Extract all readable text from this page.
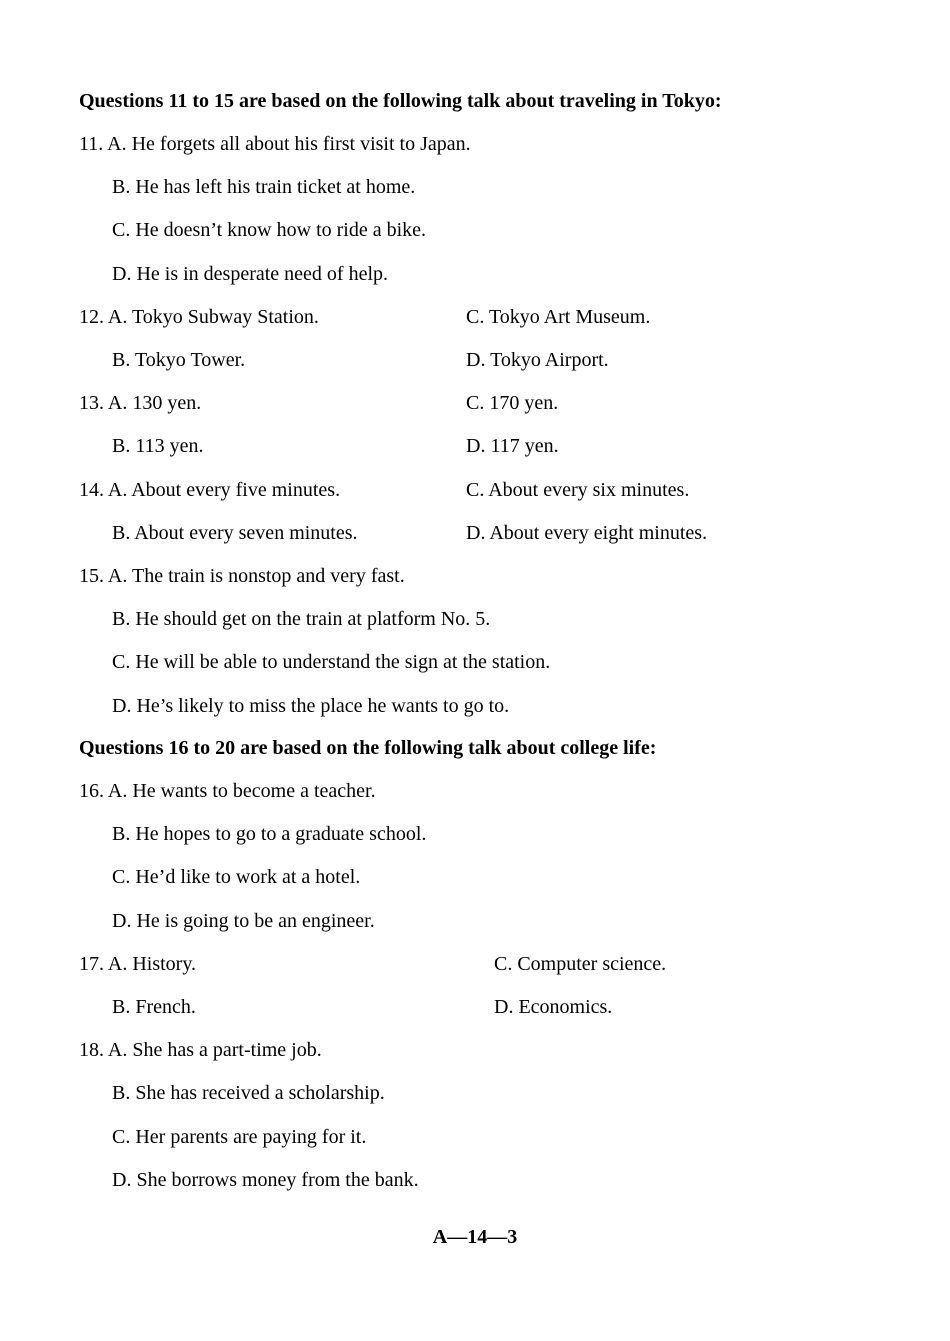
Questions 11 to 15 are based on the following talk about traveling in Tokyo:
11. A. He forgets all about his first visit to Japan.
B. He has left his train ticket at home.
C. He doesn’t know how to ride a bike.
D. He is in desperate need of help.
12. A. Tokyo Subway Station.	C. Tokyo Art Museum.
B. Tokyo Tower.	D. Tokyo Airport.
13. A. 130 yen.	C. 170 yen.
B. 113 yen.	D. 117 yen.
14. A. About every five minutes.	C. About every six minutes.
B. About every seven minutes.	D. About every eight minutes.
15. A. The train is nonstop and very fast.
B. He should get on the train at platform No. 5.
C. He will be able to understand the sign at the station.
D. He’s likely to miss the place he wants to go to.
Questions 16 to 20 are based on the following talk about college life:
16. A. He wants to become a teacher.
B. He hopes to go to a graduate school.
C. He’d like to work at a hotel.
D. He is going to be an engineer.
17. A. History.	C. Computer science.
B. French.	D. Economics.
18. A. She has a part-time job.
B. She has received a scholarship.
C. Her parents are paying for it.
D. She borrows money from the bank.
A—14—3
